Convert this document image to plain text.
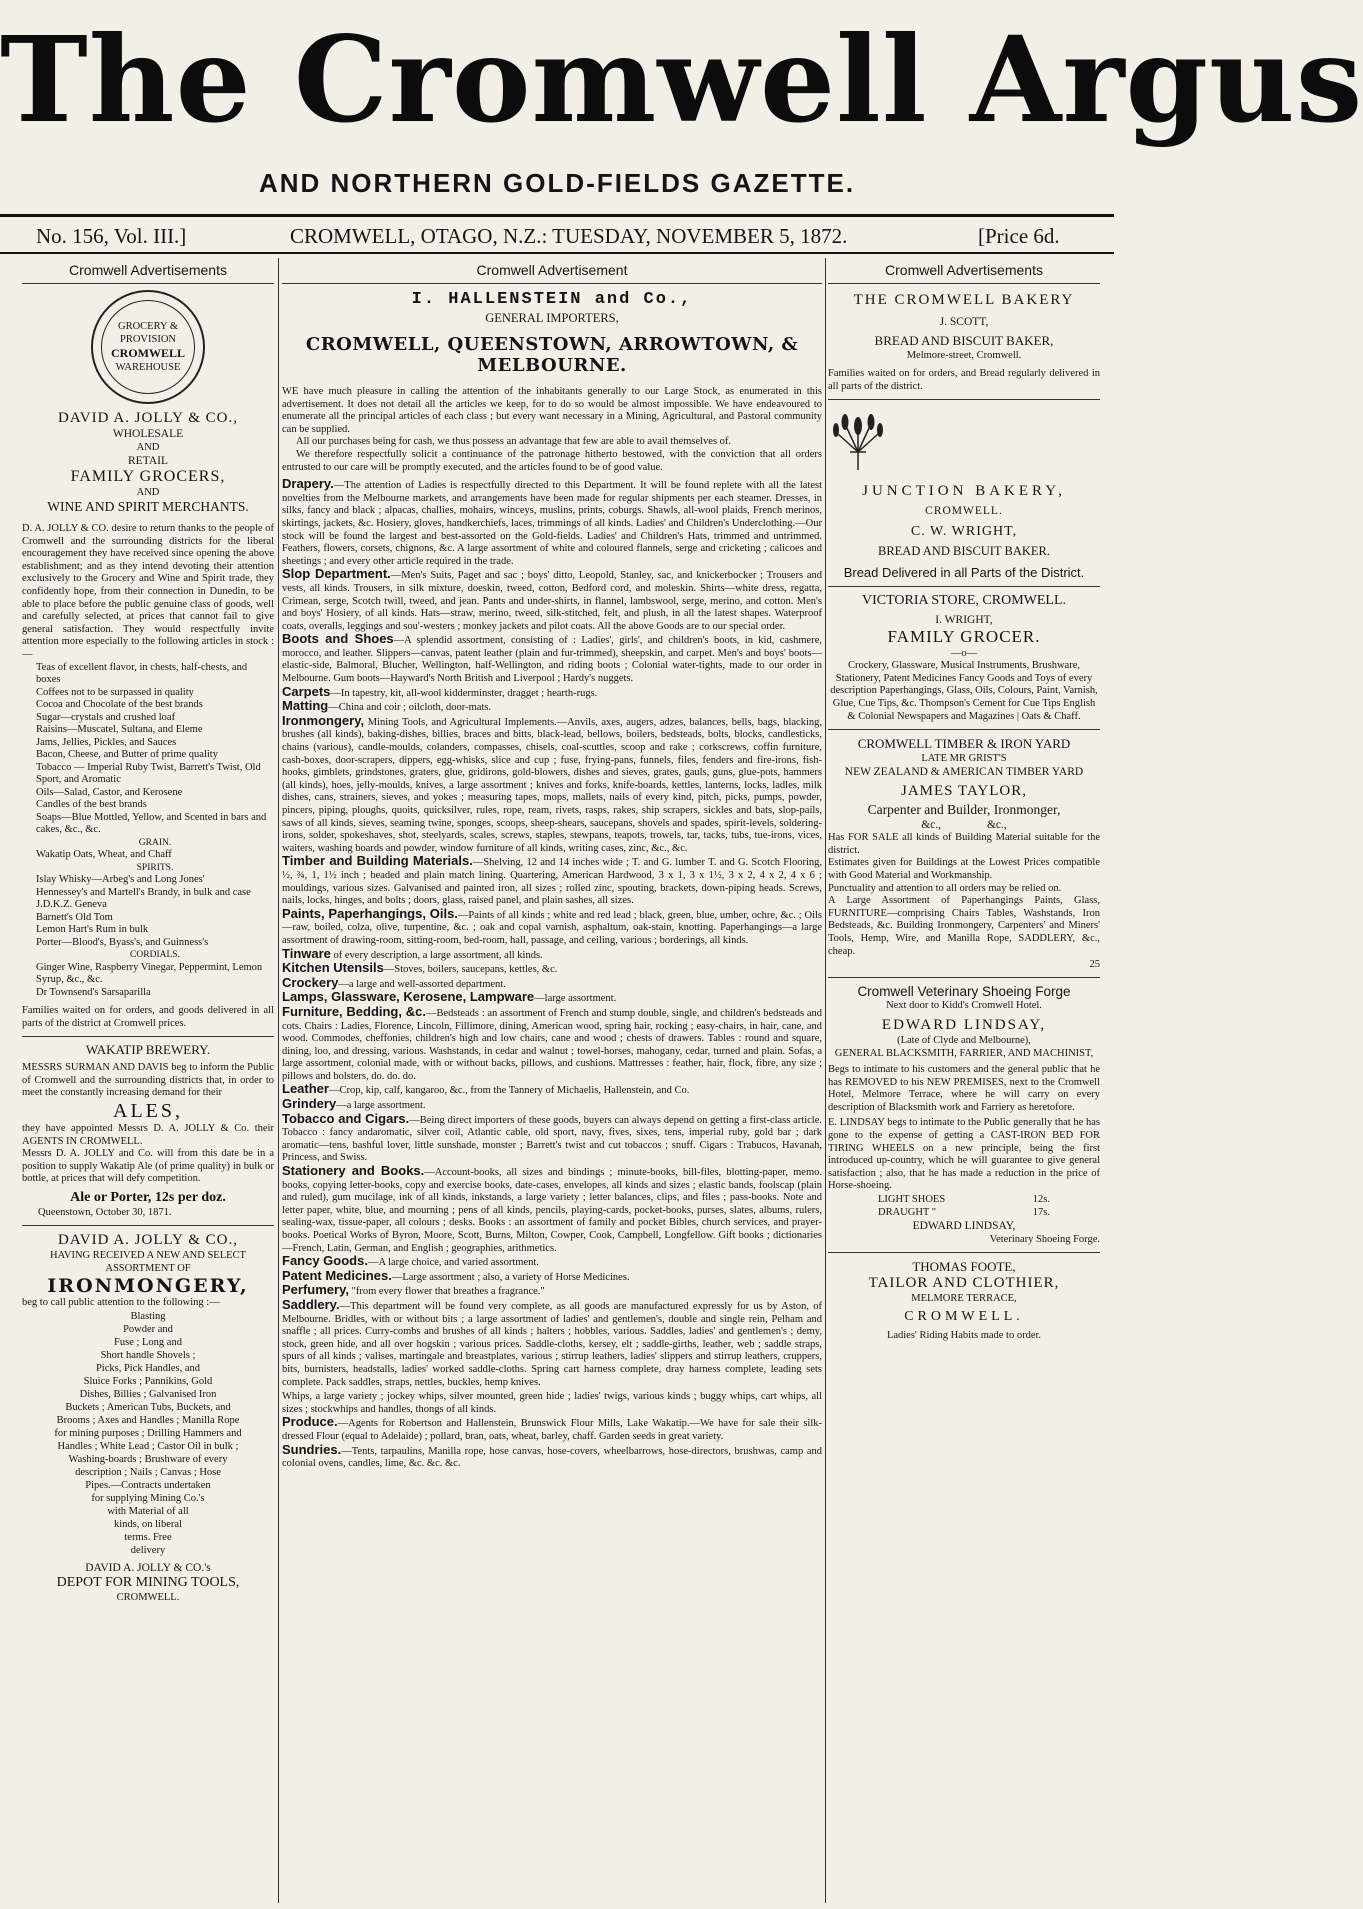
The Cromwell Argus
AND NORTHERN GOLD-FIELDS GAZETTE.
No. 156, Vol. III.]	CROMWELL, OTAGO, N.Z.: TUESDAY, NOVEMBER 5, 1872.	[Price 6d.
Cromwell Advertisements
GROCERY & PROVISION
CROMWELL
WAREHOUSE
DAVID A. JOLLY & CO.,
WHOLESALE
AND
RETAIL
FAMILY GROCERS,
AND
WINE AND SPIRIT MERCHANTS.

D. A. JOLLY & CO. desire to return thanks to the people of Cromwell and the surrounding districts for the liberal encouragement they have received since opening the above establishment; and as they intend devoting their attention exclusively to the Grocery and Wine and Spirit trade, they confidently hope, from their connection in Dunedin, to be able to place before the public genuine class of goods, well and carefully selected, at prices that cannot fail to give general satisfaction. They would respectfully invite attention more especially to the following articles in stock :—

Teas of excellent flavor, in chests, half-chests, and boxes

Coffees not to be surpassed in quality

Cocoa and Chocolate of the best brands

Sugar—crystals and crushed loaf

Raisins—Muscatel, Sultana, and Eleme

Jams, Jellies, Pickles, and Sauces

Bacon, Cheese, and Butter of prime quality

Tobacco — Imperial Ruby Twist, Barrett's Twist, Old Sport, and Aromatic

Oils—Salad, Castor, and Kerosene

Candles of the best brands

Soaps—Blue Mottled, Yellow, and Scented in bars and cakes, &c., &c.

GRAIN.

Wakatip Oats, Wheat, and Chaff

SPIRITS.

Islay Whisky—Arbeg's and Long Jones'

Hennessey's and Martell's Brandy, in bulk and case

J.D.K.Z. Geneva

Barnett's Old Tom

Lemon Hart's Rum in bulk

Porter—Blood's, Byass's, and Guinness's

CORDIALS.

Ginger Wine, Raspberry Vinegar, Peppermint, Lemon Syrup, &c., &c.

Dr Townsend's Sarsaparilla

Families waited on for orders, and goods delivered in all parts of the district at Cromwell prices.

WAKATIP BREWERY.

MESSRS SURMAN AND DAVIS beg to inform the Public of Cromwell and the surrounding districts that, in order to meet the constantly increasing demand for their

ALES,

they have appointed Messrs D. A. JOLLY & Co. their AGENTS IN CROMWELL.

Messrs D. A. JOLLY and Co. will from this date be in a position to supply Wakatip Ale (of prime quality) in bulk or bottle, at prices that will defy competition.

Ale or Porter, 12s per doz.
Queenstown, October 30, 1871.
DAVID A. JOLLY & CO.,
HAVING RECEIVED A NEW AND SELECT ASSORTMENT OF
IRONMONGERY,

beg to call public attention to the following :—

Blasting
Powder and
Fuse ; Long and
Short handle Shovels ;
Picks, Pick Handles, and
Sluice Forks ; Pannikins, Gold
Dishes, Billies ; Galvanised Iron
Buckets ; American Tubs, Buckets, and
Brooms ; Axes and Handles ; Manilla Rope
for mining purposes ; Drilling Hammers and
Handles ; White Lead ; Castor Oil in bulk ;
Washing-boards ; Brushware of every
description ; Nails ; Canvas ; Hose
Pipes.—Contracts undertaken
for supplying Mining Co.'s
with Material of all
kinds, on liberal
terms. Free
delivery
DAVID A. JOLLY & CO.'s
DEPOT FOR MINING TOOLS,
CROMWELL.
Cromwell Advertisement
I. HALLENSTEIN and Co.,
GENERAL IMPORTERS,
CROMWELL, QUEENSTOWN, ARROWTOWN, & MELBOURNE.

WE have much pleasure in calling the attention of the inhabitants generally to our Large Stock, as enumerated in this advertisement. It does not detail all the articles we keep, for to do so would be almost impossible. We have endeavoured to enumerate all the principal articles of each class ; but every want necessary in a Mining, Agricultural, and Pastoral community can be supplied.

All our purchases being for cash, we thus possess an advantage that few are able to avail themselves of.

We therefore respectfully solicit a continuance of the patronage hitherto bestowed, with the conviction that all orders entrusted to our care will be promptly executed, and the articles found to be of good value.

Drapery.—The attention of Ladies is respectfully directed to this Department. It will be found replete with all the latest novelties from the Melbourne markets, and arrangements have been made for regular shipments per each steamer. Dresses, in silks, fancy and black ; alpacas, challies, mohairs, winceys, muslins, prints, coburgs. Shawls, all-wool plaids, French merinos, skirtings, jackets, &c. Hosiery, gloves, handkerchiefs, laces, trimmings of all kinds. Ladies' and Children's Underclothing.—Our stock will be found the largest and best-assorted on the Gold-fields. Ladies' and Children's Hats, trimmed and untrimmed. Feathers, flowers, corsets, chignons, &c. A large assortment of white and coloured flannels, serge and cricketing ; calicoes and sheetings ; and every other article required in the trade.

Slop Department.—Men's Suits, Paget and sac ; boys' ditto, Leopold, Stanley, sac, and knickerbocker ; Trousers and vests, all kinds. Trousers, in silk mixture, doeskin, tweed, cotton, Bedford cord, and moleskin. Shirts—white dress, regatta, Crimean, serge, Scotch twill, tweed, and jean. Pants and under-shirts, in flannel, lambswool, serge, merino, and cotton. Men's and boys' Hosiery, of all kinds. Hats—straw, merino, tweed, silk-stitched, felt, and plush, in all the latest shapes. Waterproof coats, overalls, leggings and sou'-westers ; monkey jackets and pilot coats. All the above Goods are to our special order.

Boots and Shoes—A splendid assortment, consisting of : Ladies', girls', and children's boots, in kid, cashmere, morocco, and leather. Slippers—canvas, patent leather (plain and fur-trimmed), sheepskin, and carpet. Men's and boys' boots—elastic-side, Balmoral, Blucher, Wellington, half-Wellington, and riding boots ; Colonial water-tights, made to our order in Melbourne. Gum boots—Hayward's North British and Liverpool ; Hardy's nuggets.

Carpets—In tapestry, kit, all-wool kidderminster, dragget ; hearth-rugs.

Matting—China and coir ; oilcloth, door-mats.

Ironmongery, Mining Tools, and Agricultural Implements.—Anvils, axes, augers, adzes, balances, bells, bags, blacking, brushes (all kinds), baking-dishes, billies, braces and bitts, black-lead, bellows, boilers, bedsteads, bolts, blocks, candlesticks, chains (various), candle-moulds, colanders, compasses, chisels, coal-scuttles, scoop and rake ; corkscrews, coffin furniture, cash-boxes, door-scrapers, dippers, egg-whisks, slice and cup ; fuse, frying-pans, funnels, files, fenders and fire-irons, fish-hooks, gimblets, grindstones, graters, glue, gridirons, gold-blowers, dishes and sieves, grates, gauls, guns, glue-pots, hammers (all kinds), hoes, jelly-moulds, knives, a large assortment ; knives and forks, knife-boards, kettles, lanterns, locks, ladles, milk dishes, cans, strainers, sieves, and yokes ; measuring tapes, mops, mallets, nails of every kind, pitch, picks, pumps, powder, pincers, piping, ploughs, quoits, quicksilver, rules, rope, ream, rivets, rasps, rakes, ship scrapers, sickles and bats, slop-pails, saws of all kinds, sieves, seaming twine, sponges, scoops, sheep-shears, saucepans, shovels and spades, spirit-levels, soldering-irons, solder, spokeshaves, shot, steelyards, scales, screws, staples, stewpans, teapots, trowels, tar, tacks, tubs, tue-irons, vices, waiters, washing boards and powder, window furniture of all kinds, writing cases, zinc, &c., &c.

Timber and Building Materials.—Shelving, 12 and 14 inches wide ; T. and G. lumber T. and G. Scotch Flooring, ½, ¾, 1, 1½ inch ; beaded and plain match lining. Quartering, American Hardwood, 3 x 1, 3 x 1½, 3 x 2, 4 x 2, 4 x 6 ; mouldings, various sizes. Galvanised and painted iron, all sizes ; rolled zinc, spouting, brackets, down-piping heads. Screws, nails, locks, hinges, and bolts ; doors, glass, raised panel, and plain sashes, all sizes.

Paints, Paperhangings, Oils.—Paints of all kinds ; white and red lead ; black, green, blue, umber, ochre, &c. ; Oils—raw, boiled, colza, olive, turpentine, &c. ; oak and copal varnish, asphaltum, oak-stain, knotting. Paperhangings—a large assortment of drawing-room, sitting-room, bed-room, hall, passage, and ceiling, various ; borderings, all kinds.

Tinware of every description, a large assortment, all kinds.

Kitchen Utensils—Stoves, boilers, saucepans, kettles, &c.

Crockery—a large and well-assorted department.

Lamps, Glassware, Kerosene, Lampware—large assortment.

Furniture, Bedding, &c.—Bedsteads : an assortment of French and stump double, single, and children's bedsteads and cots. Chairs : Ladies, Florence, Lincoln, Fillimore, dining, American wood, spring hair, rocking ; easy-chairs, in hair, cane, and wood. Commodes, cheffonies, children's high and low chairs, cane and wood ; chests of drawers. Tables : round and square, dining, loo, and dressing, various. Washstands, in cedar and walnut ; towel-horses, mahogany, cedar, turned and plain. Sofas, a large assortment, colonial made, with or without backs, pillows, and cushions. Mattresses : feather, hair, flock, fibre, any size ; pillows and bolsters, do. do. do.

Leather—Crop, kip, calf, kangaroo, &c., from the Tannery of Michaelis, Hallenstein, and Co.

Grindery—a large assortment.

Tobacco and Cigars.—Being direct importers of these goods, buyers can always depend on getting a first-class article. Tobacco : fancy andaromatic, silver coil, Atlantic cable, old sport, navy, fives, sixes, tens, imperial ruby, gold bar ; dark aromatic—tens, bashful lover, little sunshade, monster ; Barrett's twist and cut tobaccos ; snuff. Cigars : Trabucos, Havanah, Princess, and Swiss.

Stationery and Books.—Account-books, all sizes and bindings ; minute-books, bill-files, blotting-paper, memo. books, copying letter-books, copy and exercise books, date-cases, envelopes, all kinds and sizes ; elastic bands, foolscap (plain and ruled), gum mucilage, ink of all kinds, inkstands, a large variety ; letter balances, clips, and files ; pass-books. Note and letter paper, white, blue, and mourning ; pens of all kinds, pencils, playing-cards, pocket-books, purses, slates, albums, rulers, sealing-wax, tissue-paper, all colours ; desks. Books : an assortment of family and pocket Bibles, church services, and prayer-books. Poetical Works of Byron, Moore, Scott, Burns, Milton, Cowper, Cook, Campbell, Longfellow. Gift books ; dictionaries—French, Latin, German, and English ; geographies, arithmetics.

Fancy Goods.—A large choice, and varied assortment.

Patent Medicines.—Large assortment ; also, a variety of Horse Medicines.

Perfumery, "from every flower that breathes a fragrance."

Saddlery.—This department will be found very complete, as all goods are manufactured expressly for us by Aston, of Melbourne. Bridles, with or without bits ; a large assortment of ladies' and gentlemen's, double and single rein, Pelham and snaffle ; all prices. Curry-combs and brushes of all kinds ; halters ; hobbles, various. Saddles, ladies' and gentlemen's ; demy, stock, green hide, and all over hogskin ; various prices. Saddle-cloths, kersey, elt ; saddle-girths, leather, web ; saddle straps, spurs of all kinds ; valises, martingale and breastplates, various ; stirrup leathers, ladies' slippers and stirrup leathers, cruppers, bits, burnisters, headstalls, ladies' worked saddle-cloths. Spring cart harness complete, dray harness complete, leading sets complete. Pack saddles, straps, nettles, buckles, hemp knives.

Whips, a large variety ; jockey whips, silver mounted, green hide ; ladies' twigs, various kinds ; buggy whips, cart whips, all sizes ; stockwhips and handles, thongs of all kinds.

Produce.—Agents for Robertson and Hallenstein, Brunswick Flour Mills, Lake Wakatip.—We have for sale their silk-dressed Flour (equal to Adelaide) ; pollard, bran, oats, wheat, barley, chaff. Garden seeds in great variety.

Sundries.—Tents, tarpaulins, Manilla rope, hose canvas, hose-covers, wheelbarrows, hose-directors, brushwas, camp and colonial ovens, candles, lime, &c. &c. &c.

Cromwell Advertisements
THE CROMWELL BAKERY
J. SCOTT,
BREAD AND BISCUIT BAKER,
Melmore-street, Cromwell.

Families waited on for orders, and Bread regularly delivered in all parts of the district.

JUNCTION BAKERY,
CROMWELL.
C. W. WRIGHT,
BREAD AND BISCUIT BAKER.
Bread Delivered in all Parts of the District.
VICTORIA STORE, CROMWELL.
I. WRIGHT,
FAMILY GROCER.
—o—

Crockery, Glassware, Musical Instruments, Brushware, Stationery, Patent Medicines Fancy Goods and Toys of every description Paperhangings, Glass, Oils, Colours, Paint, Varnish, Glue, Cue Tips, &c. Thompson's Cement for Cue Tips English & Colonial Newspapers and Magazines | Oats & Chaff.

CROMWELL TIMBER & IRON YARD
LATE MR GRIST'S
NEW ZEALAND & AMERICAN TIMBER YARD
JAMES TAYLOR,
Carpenter and Builder, Ironmonger,
&c.,                &c.,

Has FOR SALE all kinds of Building Material suitable for the district.

Estimates given for Buildings at the Lowest Prices compatible with Good Material and Workmanship.

Punctuality and attention to all orders may be relied on.

A Large Assortment of Paperhangings Paints, Glass, FURNITURE—comprising Chairs Tables, Washstands, Iron Bedsteads, &c. Building Ironmongery, Carpenters' and Miners' Tools, Hemp, Wire, and Manilla Rope, SADDLERY, &c., cheap.

25
Cromwell Veterinary Shoeing Forge
Next door to Kidd's Cromwell Hotel.
EDWARD LINDSAY,
(Late of Clyde and Melbourne),
GENERAL BLACKSMITH, FARRIER, AND MACHINIST,

Begs to intimate to his customers and the general public that he has REMOVED to his NEW PREMISES, next to the Cromwell Hotel, Melmore Terrace, where he will carry on every description of Blacksmith work and Farriery as heretofore.

E. LINDSAY begs to intimate to the Public generally that he has gone to the expense of getting a CAST-IRON BED FOR TIRING WHEELS on a new principle, being the first introduced up-country, which he will guarantee to give general satisfaction ; also, that he has made a reduction in the price of Horse-shoeing.

LIGHT SHOES	12s.
DRAUGHT "	17s.
EDWARD LINDSAY,
Veterinary Shoeing Forge.
THOMAS FOOTE,
TAILOR AND CLOTHIER,
MELMORE TERRACE,
CROMWELL.
Ladies' Riding Habits made to order.
